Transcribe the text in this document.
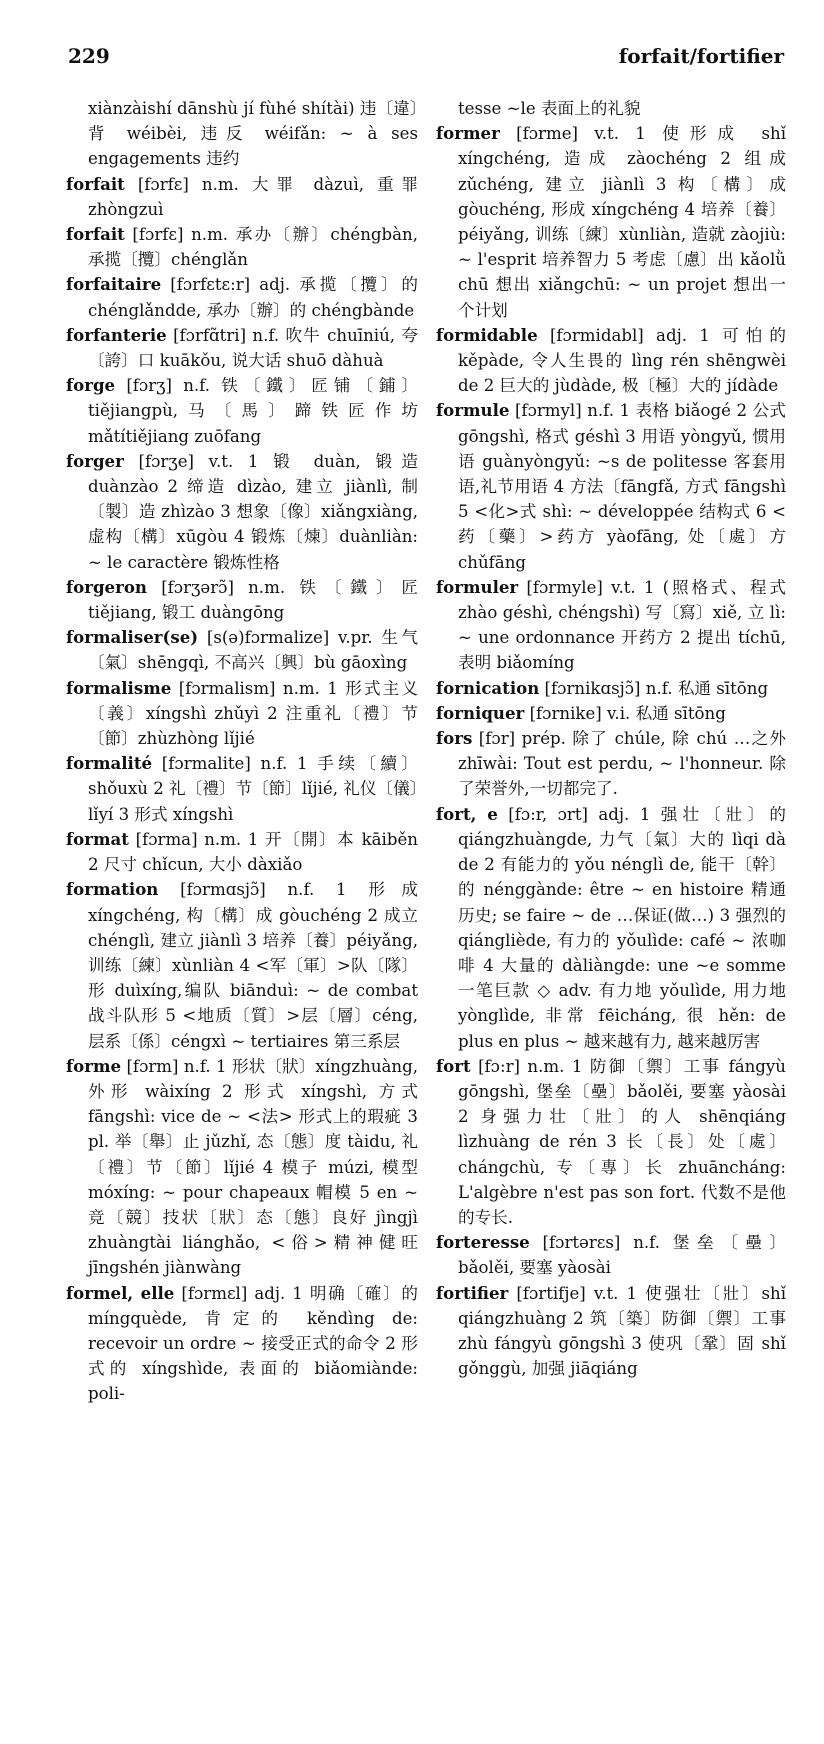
229	forfait/fortifier
xiànzàishí dānshù jí fùhé shítài) 违〔違〕背 wéibèi, 违反 wéifǎn: ~ à ses engagements 违约
forfait [fɔrfɛ] n.m. 大罪 dàzuì, 重罪 zhòngzuì
forfait [fɔrfɛ] n.m. 承办〔辦〕chéngbàn, 承揽〔攬〕chénglǎn
forfaitaire [fɔrfɛtɛ:r] adj. 承揽〔攬〕的 chénglǎndde, 承办〔辦〕的 chéngbànde
forfanterie [fɔrfɑ̃tri] n.f. 吹牛 chuīniú, 夸〔誇〕口 kuākǒu, 说大话 shuō dàhuà
forge [fɔrʒ] n.f. 铁〔鐵〕匠铺〔鋪〕tiějiangpù,马〔馬〕蹄铁匠作坊 mǎtítiějiang zuōfang
forger [fɔrʒe] v.t. 1 锻 duàn, 锻造 duànzào 2 缔造 dìzào, 建立 jiànlì, 制〔製〕造 zhìzào 3 想象〔像〕xiǎngxiàng, 虚构〔構〕xūgòu 4 锻炼〔煉〕duànliàn: ~ le caractère 锻炼性格
forgeron [fɔrʒərɔ̃] n.m. 铁〔鐵〕匠 tiějiang, 锻工 duàngōng
formaliser(se) [s(ə)fɔrmalize] v.pr. 生气〔氣〕shēngqì, 不高兴〔興〕bù gāoxìng
formalisme [fɔrmalism] n.m. 1 形式主义〔義〕xíngshì zhǔyì 2 注重礼〔禮〕节〔節〕zhùzhòng lǐjié
formalité [fɔrmalite] n.f. 1 手续〔續〕shǒuxù 2 礼〔禮〕节〔節〕lǐjié, 礼仪〔儀〕lǐyí 3 形式 xíngshì
format [fɔrma] n.m. 1 开〔開〕本 kāiběn 2 尺寸 chǐcun, 大小 dàxiǎo
formation [fɔrmɑsjɔ̃] n.f. 1 形成 xíngchéng, 构〔構〕成 gòuchéng 2 成立 chénglì, 建立 jiànlì 3 培养〔養〕péiyǎng, 训练〔練〕xùnliàn 4 <军〔軍〕>队〔隊〕形 duìxíng,编队 biānduì: ~ de combat 战斗队形 5 <地质〔質〕>层〔層〕céng, 层系〔係〕céngxì ~ tertiaires 第三系层
forme [fɔrm] n.f. 1 形状〔狀〕xíngzhuàng, 外形 wàixíng 2 形式 xíngshì, 方式 fāngshì: vice de ~ <法> 形式上的瑕疵 3 pl. 举〔舉〕止 jǔzhǐ, 态〔態〕度 tàidu, 礼〔禮〕节〔節〕lǐjié 4 模子 múzi, 模型 móxíng: ~ pour chapeaux 帽模 5 en ~ 竞〔競〕技状〔狀〕态〔態〕良好 jìngjì zhuàngtài liánghǎo, <俗>精神健旺 jīngshén jiànwàng
formel, elle [fɔrmɛl] adj. 1 明确〔確〕的 míngquède, 肯定的 kěndìng de: recevoir un ordre ~ 接受正式的命令 2 形式的 xíngshìde, 表面的 biǎomiànde: poli-
tesse ~le 表面上的礼貌
former [fɔrme] v.t. 1 使形成 shǐ xíngchéng, 造成 zàochéng 2 组成 zǔchéng, 建立 jiànlì 3 构〔構〕成 gòuchéng, 形成 xíngchéng 4 培养〔養〕péiyǎng, 训练〔練〕xùnliàn, 造就 zàojiù: ~ l'esprit 培养智力 5 考虑〔慮〕出 kǎolǜ chū 想出 xiǎngchū: ~ un projet 想出一个计划
formidable [fɔrmidabl] adj. 1 可怕的 kěpàde, 令人生畏的 lìng rén shēngwèi de 2 巨大的 jùdàde, 极〔極〕大的 jídàde
formule [fɔrmyl] n.f. 1 表格 biǎogé 2 公式 gōngshì, 格式 géshì 3 用语 yòngyǔ, 惯用语 guànyòngyǔ: ~s de politesse 客套用语,礼节用语 4 方法〔fāngfǎ, 方式 fāngshì 5 <化>式 shì: ~ développée 结构式 6 <药〔藥〕>药方 yàofāng, 处〔處〕方 chǔfāng
formuler [fɔrmyle] v.t. 1 (照格式、程式 zhào géshì, chéngshì) 写〔寫〕xiě, 立 lì: ~ une ordonnance 开药方 2 提出 tíchū, 表明 biǎomíng
fornication [fɔrnikɑsjɔ̃] n.f. 私通 sītōng
forniquer [fɔrnike] v.i. 私通 sītōng
fors [fɔr] prép. 除了 chúle, 除 chú …之外 zhīwài: Tout est perdu, ~ l'honneur. 除了荣誉外,一切都完了.
fort, e [fɔ:r, ɔrt] adj. 1 强壮〔壯〕的 qiángzhuàngde, 力气〔氣〕大的 lìqi dà de 2 有能力的 yǒu nénglì de, 能干〔幹〕的 nénggànde: être ~ en histoire 精通历史; se faire ~ de …保证(做…) 3 强烈的 qiángliède, 有力的 yǒulìde: café ~ 浓咖啡 4 大量的 dàliàngde: une ~e somme 一笔巨款 ◇ adv. 有力地 yǒulìde, 用力地 yònglìde, 非常 fēicháng, 很 hěn: de plus en plus ~ 越来越有力, 越来越厉害
fort [fɔ:r] n.m. 1 防御〔禦〕工事 fángyù gōngshì, 堡垒〔壘〕bǎolěi, 要塞 yàosài 2 身强力壮〔壯〕的人 shēnqiáng lìzhuàng de rén 3 长〔長〕处〔處〕chángchù, 专〔專〕长 zhuāncháng: L'algèbre n'est pas son fort. 代数不是他的专长.
forteresse [fɔrtərɛs] n.f. 堡垒〔壘〕bǎolěi, 要塞 yàosài
fortifier [fɔrtifje] v.t. 1 使强壮〔壯〕shǐ qiángzhuàng 2 筑〔築〕防御〔禦〕工事 zhù fángyù gōngshì 3 使巩〔鞏〕固 shǐ gǒnggù, 加强 jiāqiáng
